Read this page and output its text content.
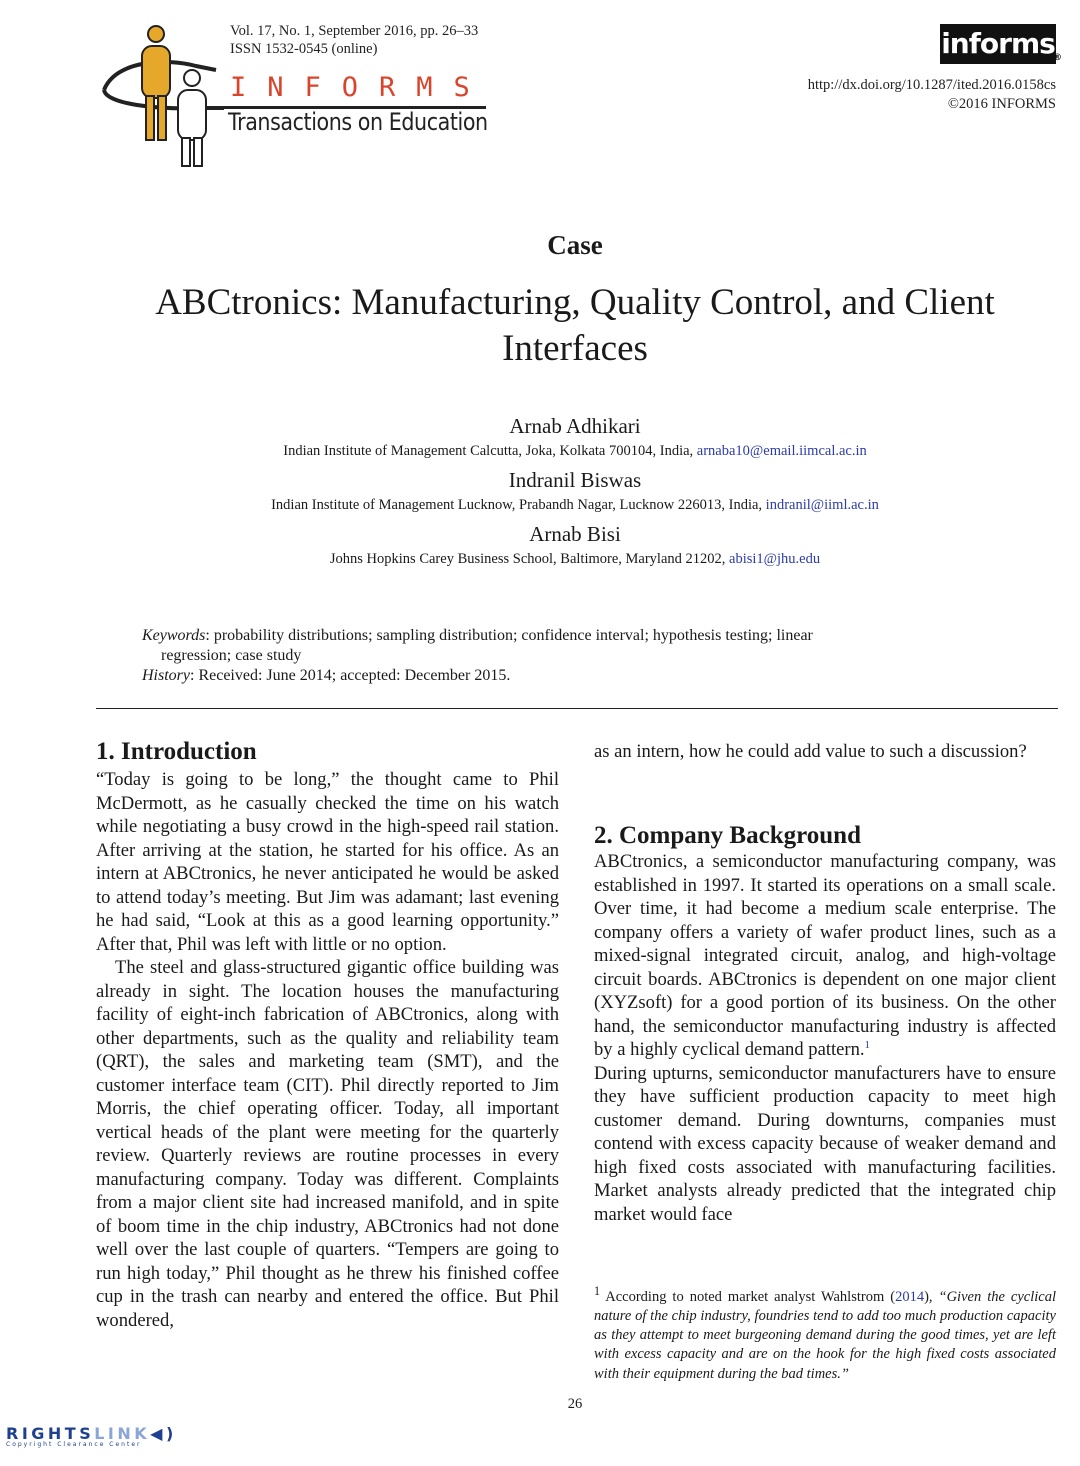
Vol. 17, No. 1, September 2016, pp. 26–33
ISSN 1532-0545 (online)
INFORMS
Transactions on Education
informs
®
http://dx.doi.org/10.1287/ited.2016.0158cs
©2016 INFORMS
Case
ABCtronics: Manufacturing, Quality Control, and Client Interfaces
Arnab Adhikari
Indian Institute of Management Calcutta, Joka, Kolkata 700104, India, arnaba10@email.iimcal.ac.in
Indranil Biswas
Indian Institute of Management Lucknow, Prabandh Nagar, Lucknow 226013, India, indranil@iiml.ac.in
Arnab Bisi
Johns Hopkins Carey Business School, Baltimore, Maryland 21202, abisi1@jhu.edu
Keywords: probability distributions; sampling distribution; confidence interval; hypothesis testing; linear
regression; case study
History: Received: June 2014; accepted: December 2015.
1. Introduction

“Today is going to be long,” the thought came to Phil McDermott, as he casually checked the time on his watch while negotiating a busy crowd in the high-speed rail station. After arriving at the station, he started for his office. As an intern at ABCtronics, he never anticipated he would be asked to attend today’s meeting. But Jim was adamant; last evening he had said, “Look at this as a good learning opportunity.” After that, Phil was left with little or no option.

The steel and glass-structured gigantic office building was already in sight. The location houses the manufacturing facility of eight-inch fabrication of ABCtronics, along with other departments, such as the quality and reliability team (QRT), the sales and marketing team (SMT), and the customer interface team (CIT). Phil directly reported to Jim Morris, the chief operating officer. Today, all important vertical heads of the plant were meeting for the quarterly review. Quarterly reviews are routine processes in every manufacturing company. Today was different. Complaints from a major client site had increased manifold, and in spite of boom time in the chip industry, ABCtronics had not done well over the last couple of quarters. “Tempers are going to run high today,” Phil thought as he threw his finished coffee cup in the trash can nearby and entered the office. But Phil wondered,

as an intern, how he could add value to such a discussion?

2. Company Background

ABCtronics, a semiconductor manufacturing company, was established in 1997. It started its operations on a small scale. Over time, it had become a medium scale enterprise. The company offers a variety of wafer product lines, such as a mixed-signal integrated circuit, analog, and high-voltage circuit boards. ABCtronics is dependent on one major client (XYZsoft) for a good portion of its business. On the other hand, the semiconductor manufacturing industry is affected by a highly cyclical demand pattern.$^1$

During upturns, semiconductor manufacturers have to ensure they have sufficient production capacity to meet high customer demand. During downturns, companies must contend with excess capacity because of weaker demand and high fixed costs associated with manufacturing facilities. Market analysts already predicted that the integrated chip market would face

$^1$ According to noted market analyst Wahlstrom (2014), “Given the cyclical nature of the chip industry, foundries tend to add too much production capacity as they attempt to meet burgeoning demand during the good times, yet are left with excess capacity and are on the hook for the high fixed costs associated with their equipment during the bad times.”
26
RIGHTSLINK◀)
Copyright Clearance Center
